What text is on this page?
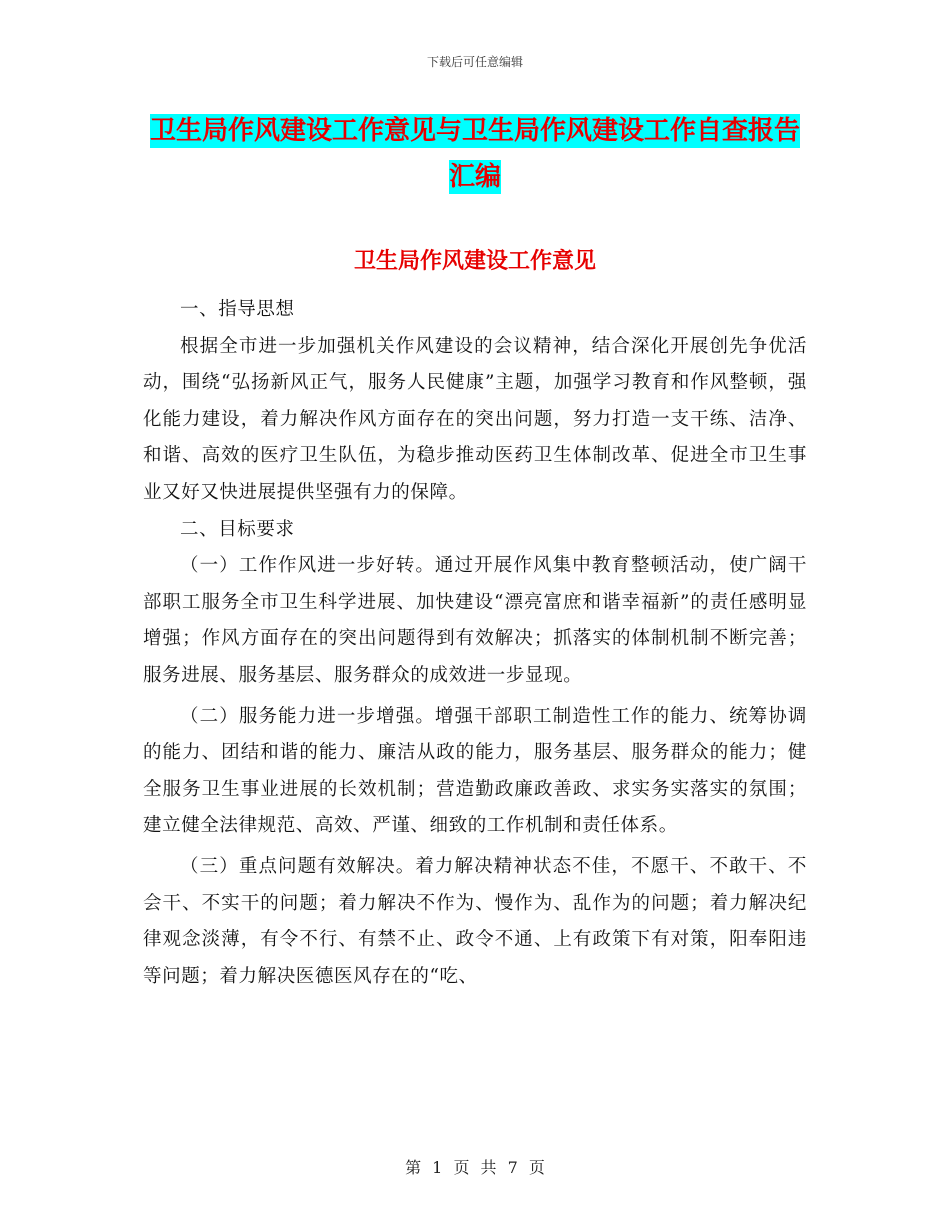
下载后可任意编辑
卫生局作风建设工作意见与卫生局作风建设工作自查报告汇编
卫生局作风建设工作意见

一、指导思想

根据全市进一步加强机关作风建设的会议精神，结合深化开展创先争优活动，围绕“弘扬新风正气，服务人民健康”主题，加强学习教育和作风整顿，强化能力建设，着力解决作风方面存在的突出问题，努力打造一支干练、洁净、和谐、高效的医疗卫生队伍，为稳步推动医药卫生体制改革、促进全市卫生事业又好又快进展提供坚强有力的保障。

二、目标要求

（一）工作作风进一步好转。通过开展作风集中教育整顿活动，使广阔干部职工服务全市卫生科学进展、加快建设“漂亮富庶和谐幸福新”的责任感明显增强；作风方面存在的突出问题得到有效解决；抓落实的体制机制不断完善；服务进展、服务基层、服务群众的成效进一步显现。

（二）服务能力进一步增强。增强干部职工制造性工作的能力、统筹协调的能力、团结和谐的能力、廉洁从政的能力，服务基层、服务群众的能力；健全服务卫生事业进展的长效机制；营造勤政廉政善政、求实务实落实的氛围；建立健全法律规范、高效、严谨、细致的工作机制和责任体系。

（三）重点问题有效解决。着力解决精神状态不佳，不愿干、不敢干、不会干、不实干的问题；着力解决不作为、慢作为、乱作为的问题；着力解决纪律观念淡薄，有令不行、有禁不止、政令不通、上有政策下有对策，阳奉阳违等问题；着力解决医德医风存在的“吃、

第 1 页 共 7 页
